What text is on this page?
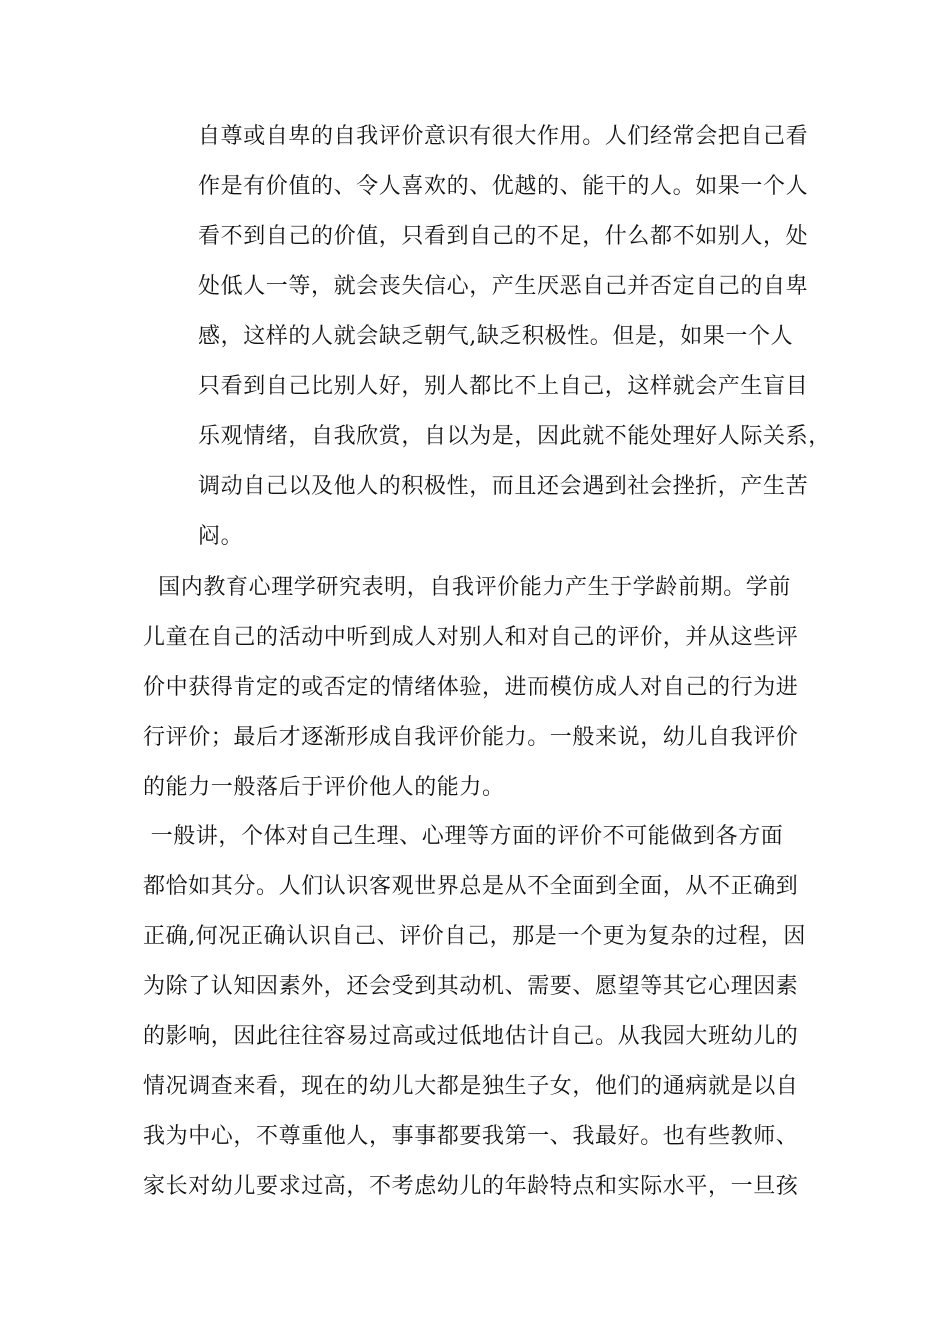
自尊或自卑的自我评价意识有很大作用。人们经常会把自己看
作是有价值的、令人喜欢的、优越的、能干的人。如果一个人
看不到自己的价值，只看到自己的不足，什么都不如别人，处
处低人一等，就会丧失信心，产生厌恶自己并否定自己的自卑
感，这样的人就会缺乏朝气,缺乏积极性。但是，如果一个人
只看到自己比别人好，别人都比不上自己，这样就会产生盲目
乐观情绪，自我欣赏，自以为是，因此就不能处理好人际关系，
调动自己以及他人的积极性，而且还会遇到社会挫折，产生苦
闷。
国内教育心理学研究表明，自我评价能力产生于学龄前期。学前
儿童在自己的活动中听到成人对别人和对自己的评价，并从这些评
价中获得肯定的或否定的情绪体验，进而模仿成人对自己的行为进
行评价；最后才逐渐形成自我评价能力。一般来说，幼儿自我评价
的能力一般落后于评价他人的能力。
一般讲，个体对自己生理、心理等方面的评价不可能做到各方面
都恰如其分。人们认识客观世界总是从不全面到全面，从不正确到
正确,何况正确认识自己、评价自己，那是一个更为复杂的过程，因
为除了认知因素外，还会受到其动机、需要、愿望等其它心理因素
的影响，因此往往容易过高或过低地估计自己。从我园大班幼儿的
情况调查来看，现在的幼儿大都是独生子女，他们的通病就是以自
我为中心，不尊重他人，事事都要我第一、我最好。也有些教师、
家长对幼儿要求过高，不考虑幼儿的年龄特点和实际水平，一旦孩
